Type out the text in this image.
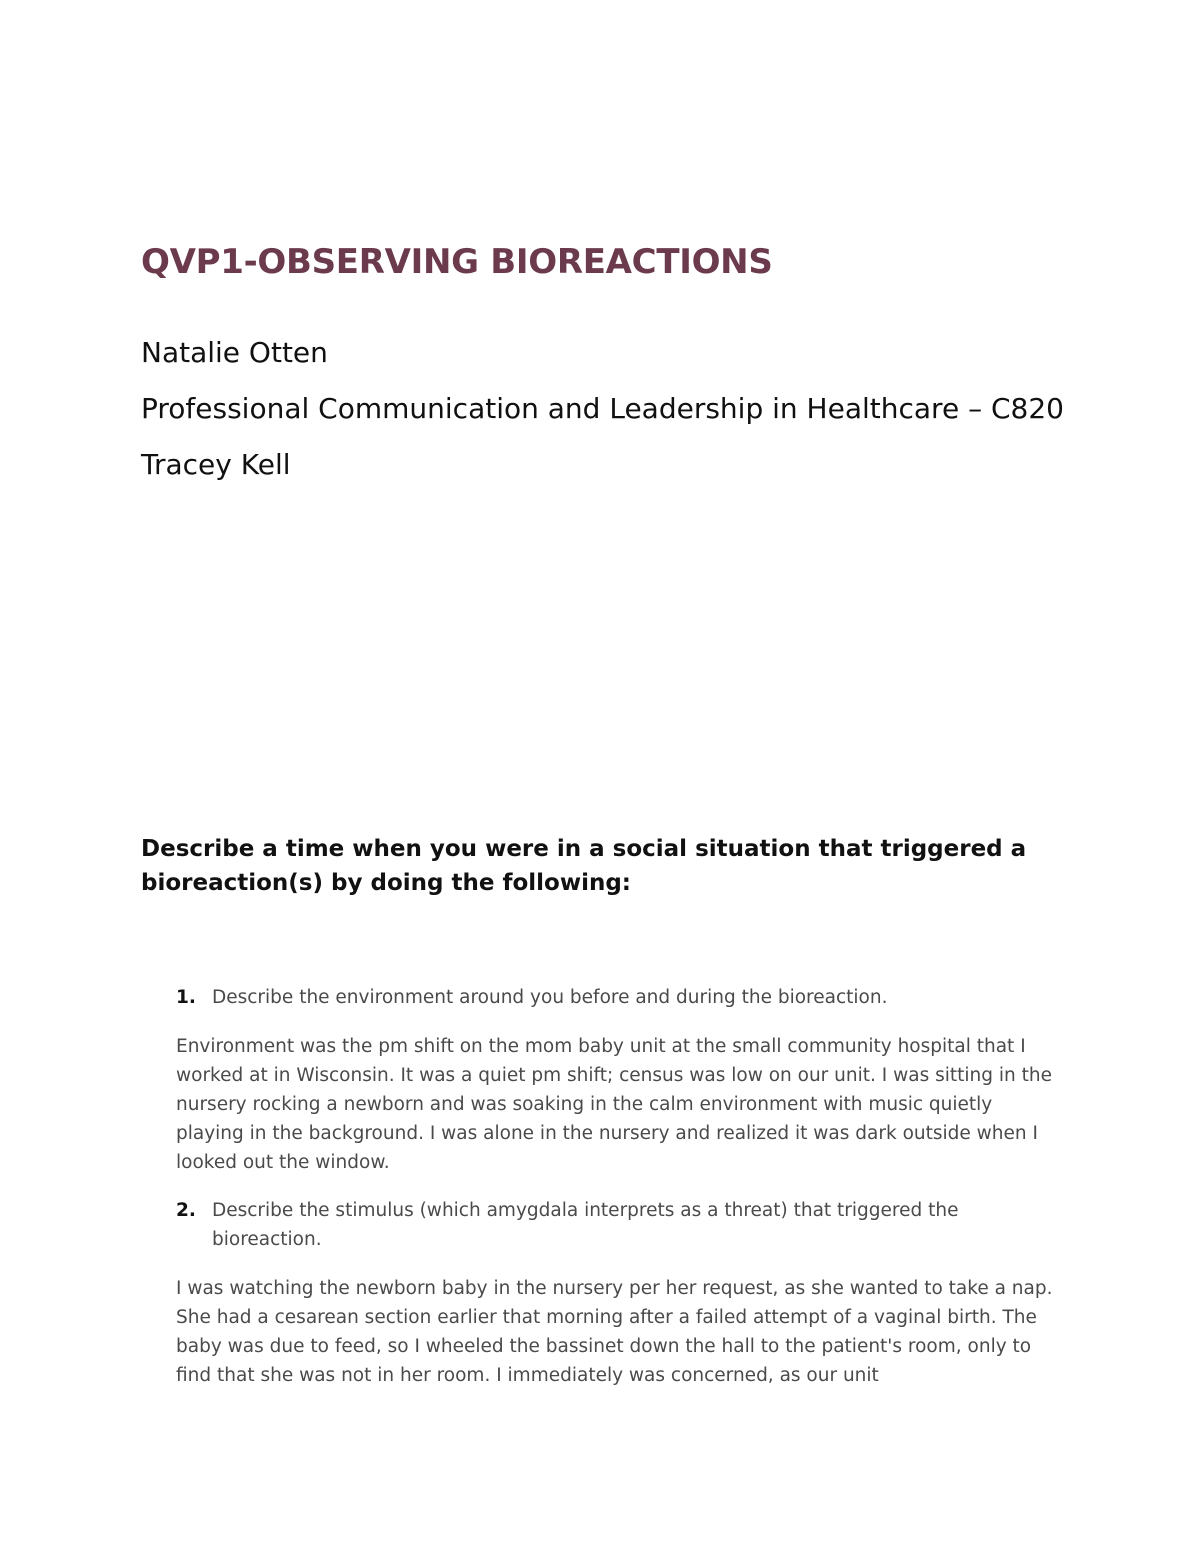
QVP1-OBSERVING BIOREACTIONS
Natalie Otten
Professional Communication and Leadership in Healthcare – C820
Tracey Kell
Describe a time when you were in a social situation that triggered a bioreaction(s) by doing the following:
1. Describe the environment around you before and during the bioreaction.
Environment was the pm shift on the mom baby unit at the small community hospital that I worked at in Wisconsin. It was a quiet pm shift; census was low on our unit. I was sitting in the nursery rocking a newborn and was soaking in the calm environment with music quietly playing in the background. I was alone in the nursery and realized it was dark outside when I looked out the window.
2. Describe the stimulus (which amygdala interprets as a threat) that triggered the bioreaction.
I was watching the newborn baby in the nursery per her request, as she wanted to take a nap. She had a cesarean section earlier that morning after a failed attempt of a vaginal birth. The baby was due to feed, so I wheeled the bassinet down the hall to the patient's room, only to find that she was not in her room. I immediately was concerned, as our unit
